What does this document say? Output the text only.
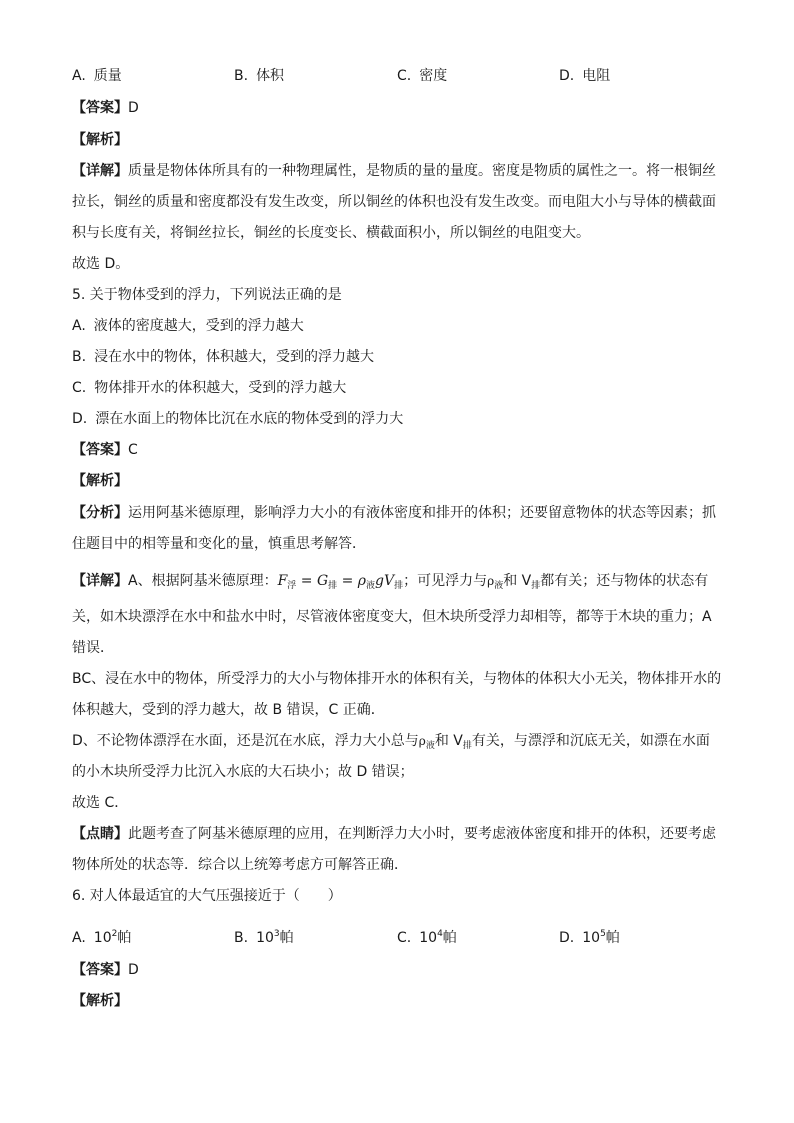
A. 质量	B. 体积	C. 密度	D. 电阻
【答案】D
【解析】
【详解】质量是物体体所具有的一种物理属性，是物质的量的量度。密度是物质的属性之一。将一根铜丝
拉长，铜丝的质量和密度都没有发生改变，所以铜丝的体积也没有发生改变。而电阻大小与导体的横截面
积与长度有关，将铜丝拉长，铜丝的长度变长、横截面积小，所以铜丝的电阻变大。
故选 D。
5. 关于物体受到的浮力，下列说法正确的是
A. 液体的密度越大，受到的浮力越大
B. 浸在水中的物体，体积越大，受到的浮力越大
C. 物体排开水的体积越大，受到的浮力越大
D. 漂在水面上的物体比沉在水底的物体受到的浮力大
【答案】C
【解析】
【分析】运用阿基米德原理，影响浮力大小的有液体密度和排开的体积；还要留意物体的状态等因素；抓
住题目中的相等量和变化的量，慎重思考解答．
【详解】A、根据阿基米德原理：$F_浮 = G_排 = \rho_液gV_排$；可见浮力与$\rho_液$和 $V_排$都有关；还与物体的状态有
关，如木块漂浮在水中和盐水中时，尽管液体密度变大，但木块所受浮力却相等，都等于木块的重力；A
错误．
BC、浸在水中的物体，所受浮力的大小与物体排开水的体积有关，与物体的体积大小无关，物体排开水的
体积越大，受到的浮力越大，故 B 错误，C 正确．
D、不论物体漂浮在水面，还是沉在水底，浮力大小总与$\rho_液$和 $V_排$有关，与漂浮和沉底无关，如漂在水面
的小木块所受浮力比沉入水底的大石块小；故 D 错误；
故选 C．
【点睛】此题考查了阿基米德原理的应用，在判断浮力大小时，要考虑液体密度和排开的体积，还要考虑
物体所处的状态等．综合以上统筹考虑方可解答正确．
6. 对人体最适宜的大气压强接近于（　　）
A. $10^2$帕	B. $10^3$帕	C. $10^4$帕	D. $10^5$帕
【答案】D
【解析】
